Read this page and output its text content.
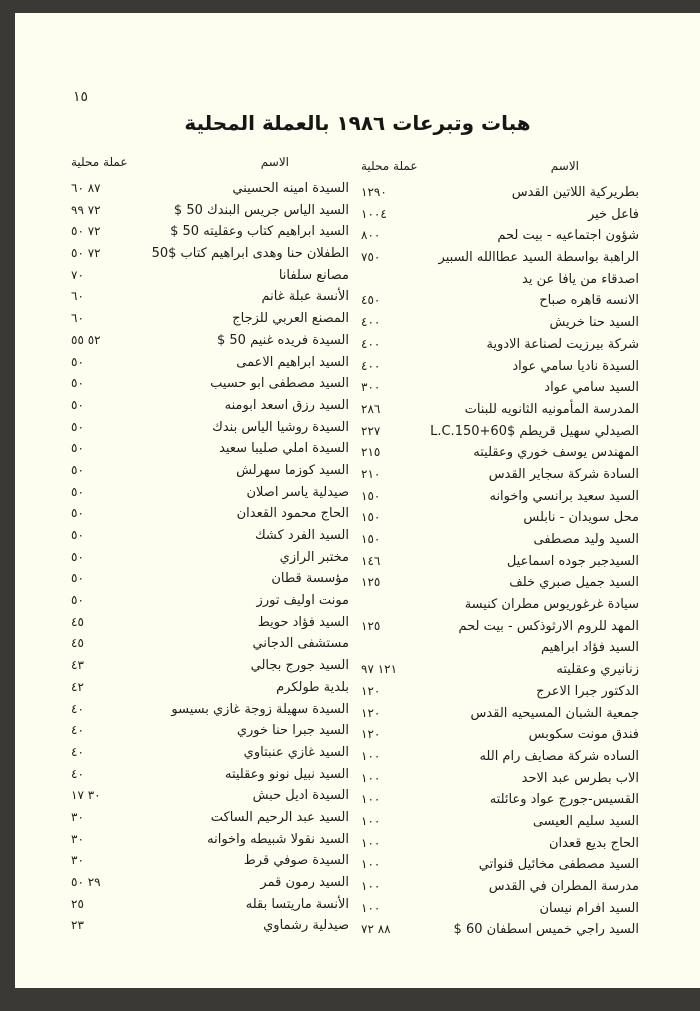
١٥
هبات وتبرعات ١٩٨٦ بالعملة المحلية
الاسم
عملة محلية
بطريركية اللاتين القدس
١٢٩٠
فاعل خير
١٠٠٤
شؤون اجتماعيه - بيت لحم
٨٠٠
الراهبة بواسطة السيد عطاالله السبير
٧٥٠
اصدقاء من يافا عن يد
الانسه قاهره صباح
٤٥٠
السيد حنا خريش
٤٠٠
شركة بيرزيت لصناعة الادوية
٤٠٠
السيدة ناديا سامي عواد
٤٠٠
السيد سامي عواد
٣٠٠
المدرسة المأمونيه الثانويه للبنات
٢٨٦
الصيدلي سهيل قريطم $60+L.C.150
٢٢٧
المهندس يوسف خوري وعقليته
٢١٥
السادة شركة سجاير القدس
٢١٠
السيد سعيد برانسي واخوانه
١٥٠
محل سويدان - نابلس
١٥٠
السيد وليد مصطفى
١٥٠
السيدجبر جوده اسماعيل
١٤٦
السيد جميل صبري خلف
١٢٥
سيادة غرغوريوس مطران كنيسة
المهد للروم الارثوذكس - بيت لحم
١٢٥
السيد فؤاد ابراهيم
زنانيري وعقليته
١٢١ ٩٧
الدكتور جبرا الاعرج
١٢٠
جمعية الشبان المسيحيه القدس
١٢٠
فندق مونت سكوبس
١٢٠
الساده شركة مصايف رام الله
١٠٠
الاب بطرس عبد الاحد
١٠٠
القسيس-جورج عواد وعائلته
١٠٠
السيد سليم العيسى
١٠٠
الحاج بديع قعدان
١٠٠
السيد مصطفى مخائيل قنواتي
١٠٠
مدرسة المطران في القدس
١٠٠
السيد افرام نيسان
١٠٠
السيد راجي خميس اسطفان 60 $
٨٨ ٧٢
الاسم
عملة محلية
السيدة امينه الحسيني
٨٧ ٦٠
السيد الياس جريس البندك 50 $
٧٢ ٩٩
السيد ابراهيم كتاب وعقليته 50 $
٧٢ ٥٠
الطفلان حنا وهدى ابراهيم كتاب $50
٧٢ ٥٠
مصانع سلفانا
٧٠
الأنسة عبلة غانم
٦٠
المصنع العربي للزجاج
٦٠
السيدة فريده غنيم 50 $
٥٢ ٥٥
السيد ابراهيم الاعمى
٥٠
السيد مصطفى ابو حسيب
٥٠
السيد رزق اسعد ابومنه
٥٠
السيدة روشيا الياس بندك
٥٠
السيدة املي صليبا سعيد
٥٠
السيد كوزما سهرلش
٥٠
صيدلية ياسر اصلان
٥٠
الحاج محمود القعدان
٥٠
السيد الفرد كشك
٥٠
مختبر الرازي
٥٠
مؤسسة قطان
٥٠
مونت اوليف تورز
٥٠
السيد فؤاد حويط
٤٥
مستشفى الدجاني
٤٥
السيد جورج بجالي
٤٣
بلدية طولكرم
٤٢
السيدة سهيلة زوجة غازي بسيسو
٤٠
السيد جبرا حنا خوري
٤٠
السيد غازي عنبتاوي
٤٠
السيد نبيل نونو وعقليته
٤٠
السيدة اديل حبش
٣٠ ١٧
السيد عبد الرحيم الساكت
٣٠
السيد نقولا شبيطه واخوانه
٣٠
السيدة صوفي قرط
٣٠
السيد رمون قمر
٢٩ ٥٠
الأنسة ماريتسا بقله
٢٥
صيدلية رشماوي
٢٣
